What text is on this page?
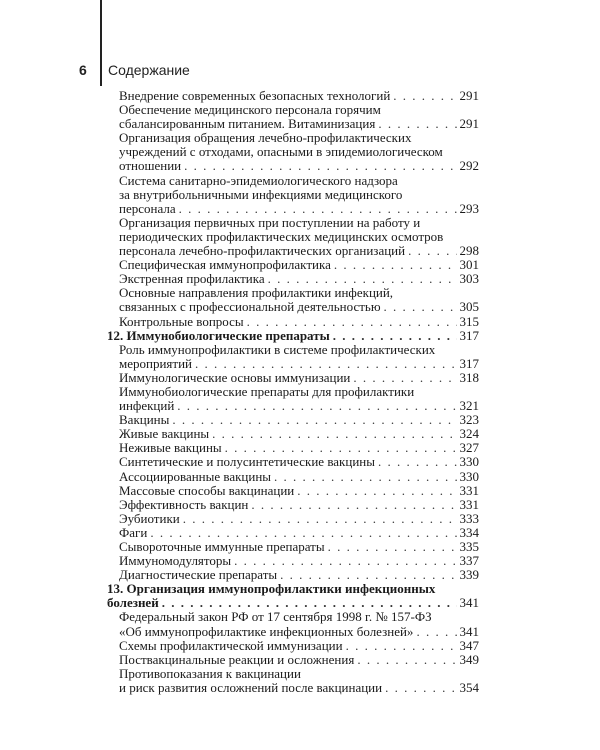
6 Содержание
Внедрение современных безопасных технологий . . .	291
Обеспечение медицинского персонала горячим
сбалансированным питанием. Витаминизация . . .	291
Организация обращения лечебно-профилактических
учреждений с отходами, опасными в эпидемиологическом
отношении . . .	292
Система санитарно-эпидемиологического надзора
за внутрибольничными инфекциями медицинского
персонала . . .	293
Организация первичных при поступлении на работу и
периодических профилактических медицинских осмотров
персонала лечебно-профилактических организаций . . .	298
Специфическая иммунопрофилактика . . .	301
Экстренная профилактика . . .	303
Основные направления профилактики инфекций,
связанных с профессиональной деятельностью . . .	305
Контрольные вопросы . . .	315
12. Иммунобиологические препараты . . .	317
Роль иммунопрофилактики в системе профилактических
мероприятий . . .	317
Иммунологические основы иммунизации . . .	318
Иммунобиологические препараты для профилактики
инфекций . . .	321
Вакцины . . .	323
Живые вакцины . . .	324
Неживые вакцины . . .	327
Синтетические и полусинтетические вакцины . . .	330
Ассоциированные вакцины . . .	330
Массовые способы вакцинации . . .	331
Эффективность вакцин . . .	331
Эубиотики . . .	333
Фаги . . .	334
Сывороточные иммунные препараты . . .	335
Иммуномодуляторы . . .	337
Диагностические препараты . . .	339
13. Организация иммунопрофилактики инфекционных
болезней . . .	341
Федеральный закон РФ от 17 сентября 1998 г. № 157-ФЗ
«Об иммунопрофилактике инфекционных болезней» . . .	341
Схемы профилактической иммунизации . . .	347
Поствакцинальные реакции и осложнения . . .	349
Противопоказания к вакцинации
и риск развития осложнений после вакцинации . . .	354
